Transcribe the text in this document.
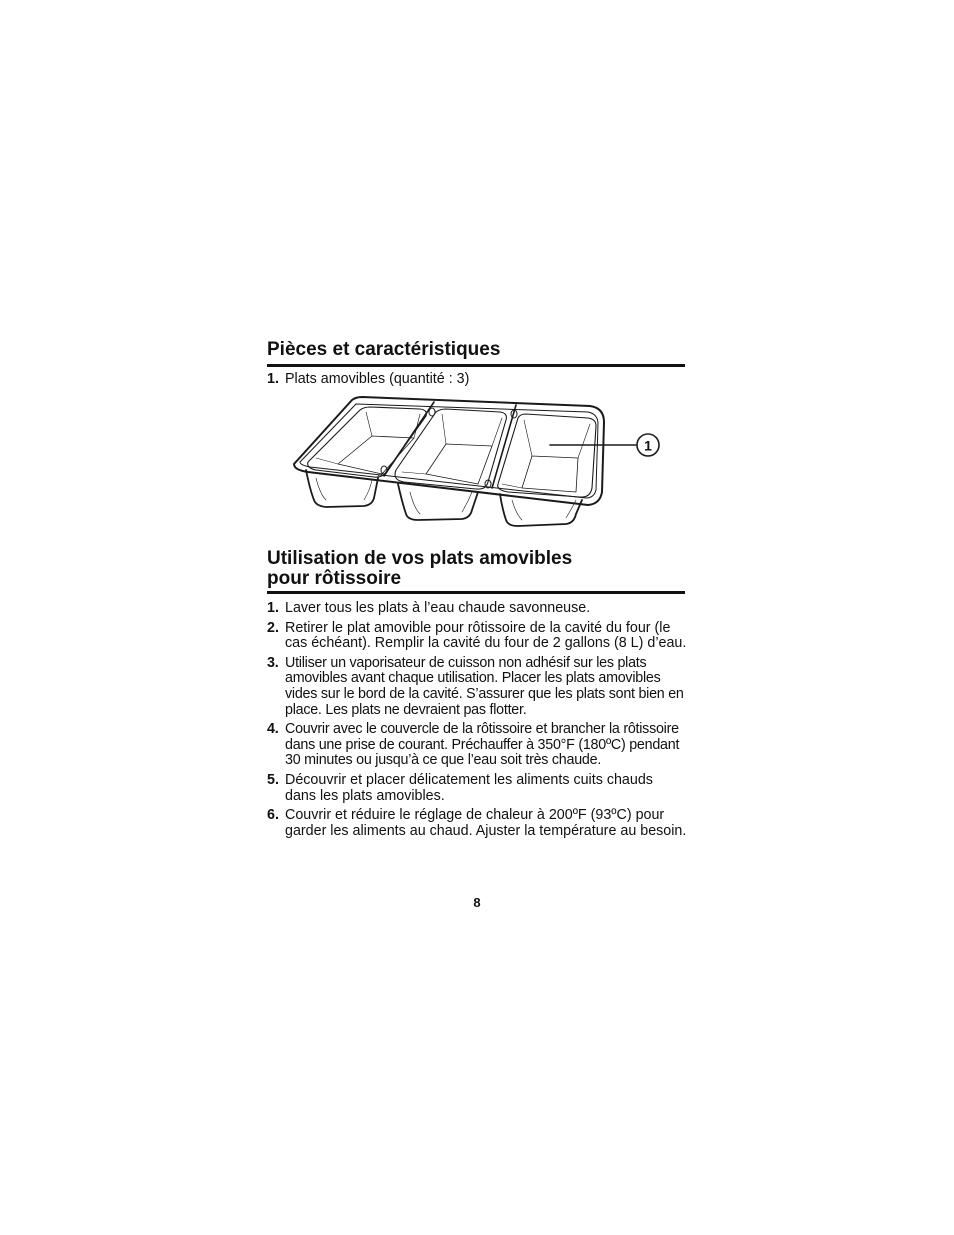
Pièces et caractéristiques
1. Plats amovibles (quantité : 3)
1
Utilisation de vos plats amovibles
pour rôtissoire
1. Laver tous les plats à l’eau chaude savonneuse.
2. Retirer le plat amovible pour rôtissoire de la cavité du four (le cas échéant). Remplir la cavité du four de 2 gallons (8 L) d’eau.
3. Utiliser un vaporisateur de cuisson non adhésif sur les plats amovibles avant chaque utilisation. Placer les plats amovibles vides sur le bord de la cavité. S’assurer que les plats sont bien en place. Les plats ne devraient pas flotter.
4. Couvrir avec le couvercle de la rôtissoire et brancher la rôtissoire dans une prise de courant. Préchauffer à 350°F (180ºC) pendant 30 minutes ou jusqu’à ce que l’eau soit très chaude.
5. Découvrir et placer délicatement les aliments cuits chauds dans les plats amovibles.
6. Couvrir et réduire le réglage de chaleur à 200ºF (93ºC) pour garder les aliments au chaud. Ajuster la température au besoin.
8
